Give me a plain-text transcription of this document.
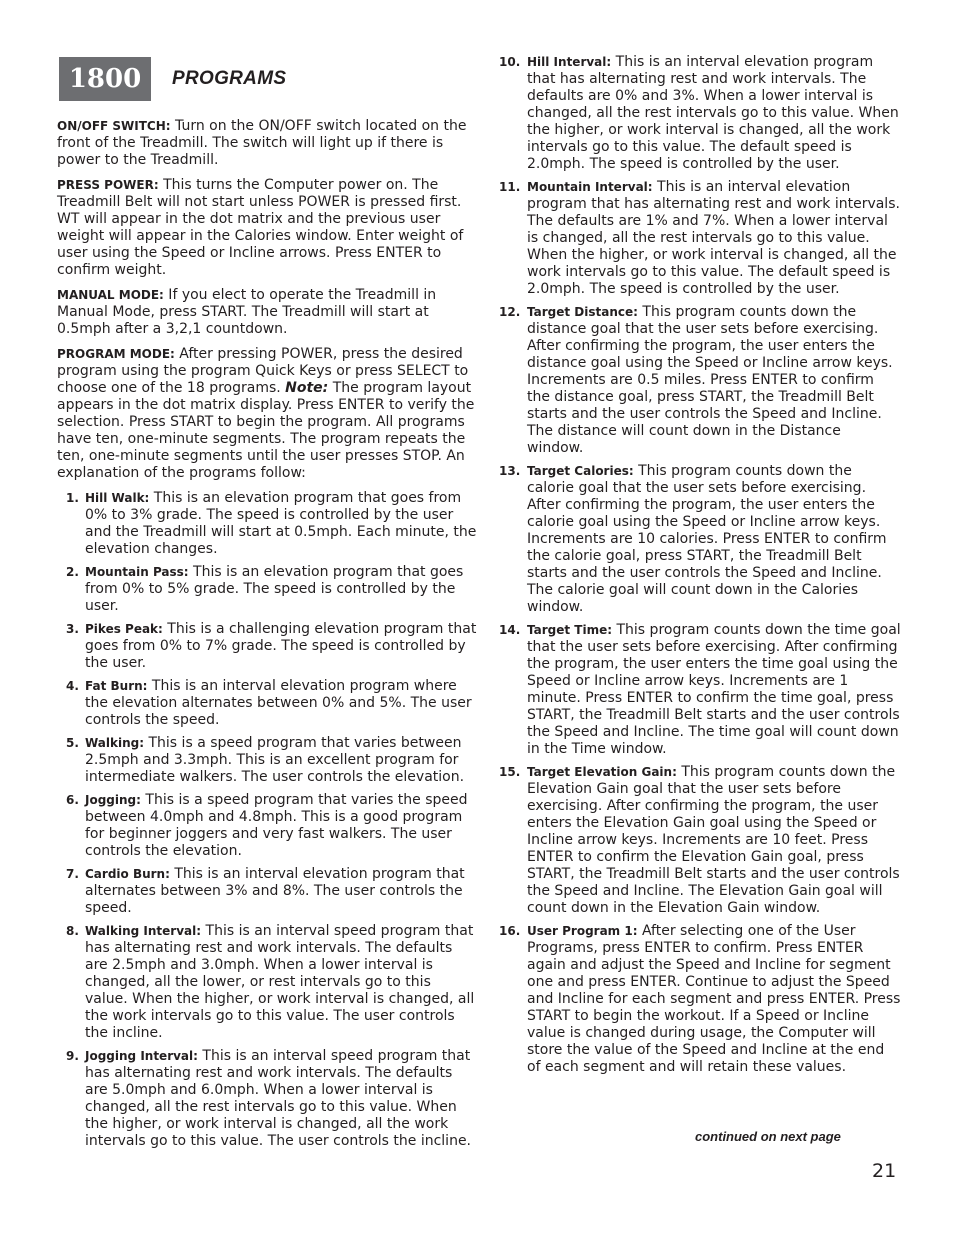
1800	PROGRAMS

ON/OFF SWITCH: Turn on the ON/OFF switch located on the front of the Treadmill. The switch will light up if there is power to the Treadmill.

PRESS POWER: This turns the Computer power on. The Treadmill Belt will not start unless POWER is pressed first. WT will appear in the dot matrix and the previous user weight will appear in the Calories window. Enter weight of user using the Speed or Incline arrows. Press ENTER to confirm weight.

MANUAL MODE: If you elect to operate the Treadmill in Manual Mode, press START. The Treadmill will start at 0.5mph after a 3,2,1 countdown.

PROGRAM MODE: After pressing POWER, press the desired program using the program Quick Keys or press SELECT to choose one of the 18 programs. Note: The program layout appears in the dot matrix display. Press ENTER to verify the selection. Press START to begin the program. All programs have ten, one-minute segments. The program repeats the ten, one-minute segments until the user presses STOP. An explanation of the programs follow:

1. Hill Walk: This is an elevation program that goes from 0% to 3% grade. The speed is controlled by the user and the Treadmill will start at 0.5mph. Each minute, the elevation changes.
2. Mountain Pass: This is an elevation program that goes from 0% to 5% grade. The speed is controlled by the user.
3. Pikes Peak: This is a challenging elevation program that goes from 0% to 7% grade. The speed is controlled by the user.
4. Fat Burn: This is an interval elevation program where the elevation alternates between 0% and 5%. The user controls the speed.
5. Walking: This is a speed program that varies between 2.5mph and 3.3mph. This is an excellent program for intermediate walkers. The user controls the elevation.
6. Jogging: This is a speed program that varies the speed between 4.0mph and 4.8mph. This is a good program for beginner joggers and very fast walkers. The user controls the elevation.
7. Cardio Burn: This is an interval elevation program that alternates between 3% and 8%. The user controls the speed.
8. Walking Interval: This is an interval speed program that has alternating rest and work intervals. The defaults are 2.5mph and 3.0mph. When a lower interval is changed, all the lower, or rest intervals go to this value. When the higher, or work interval is changed, all the work intervals go to this value. The user controls the incline.
9. Jogging Interval: This is an interval speed program that has alternating rest and work intervals. The defaults are 5.0mph and 6.0mph. When a lower interval is changed, all the rest intervals go to this value. When the higher, or work interval is changed, all the work intervals go to this value. The user controls the incline.
10. Hill Interval: This is an interval elevation program that has alternating rest and work intervals. The defaults are 0% and 3%. When a lower interval is changed, all the rest intervals go to this value. When the higher, or work interval is changed, all the work intervals go to this value. The default speed is 2.0mph. The speed is controlled by the user.
11. Mountain Interval: This is an interval elevation program that has alternating rest and work intervals. The defaults are 1% and 7%. When a lower interval is changed, all the rest intervals go to this value. When the higher, or work interval is changed, all the work intervals go to this value. The default speed is 2.0mph. The speed is controlled by the user.
12. Target Distance: This program counts down the distance goal that the user sets before exercising. After confirming the program, the user enters the distance goal using the Speed or Incline arrow keys. Increments are 0.5 miles. Press ENTER to confirm the distance goal, press START, the Treadmill Belt starts and the user controls the Speed and Incline. The distance will count down in the Distance window.
13. Target Calories: This program counts down the calorie goal that the user sets before exercising. After confirming the program, the user enters the calorie goal using the Speed or Incline arrow keys. Increments are 10 calories. Press ENTER to confirm the calorie goal, press START, the Treadmill Belt starts and the user controls the Speed and Incline. The calorie goal will count down in the Calories window.
14. Target Time: This program counts down the time goal that the user sets before exercising. After confirming the program, the user enters the time goal using the Speed or Incline arrow keys. Increments are 1 minute. Press ENTER to confirm the time goal, press START, the Treadmill Belt starts and the user controls the Speed and Incline. The time goal will count down in the Time window.
15. Target Elevation Gain: This program counts down the Elevation Gain goal that the user sets before exercising. After confirming the program, the user enters the Elevation Gain goal using the Speed or Incline arrow keys. Increments are 10 feet. Press ENTER to confirm the Elevation Gain goal, press START, the Treadmill Belt starts and the user controls the Speed and Incline. The Elevation Gain goal will count down in the Elevation Gain window.
16. User Program 1: After selecting one of the User Programs, press ENTER to confirm. Press ENTER again and adjust the Speed and Incline for segment one and press ENTER. Continue to adjust the Speed and Incline for each segment and press ENTER. Press START to begin the workout. If a Speed or Incline value is changed during usage, the Computer will store the value of the Speed and Incline at the end of each segment and will retain these values.
continued on next page
21
